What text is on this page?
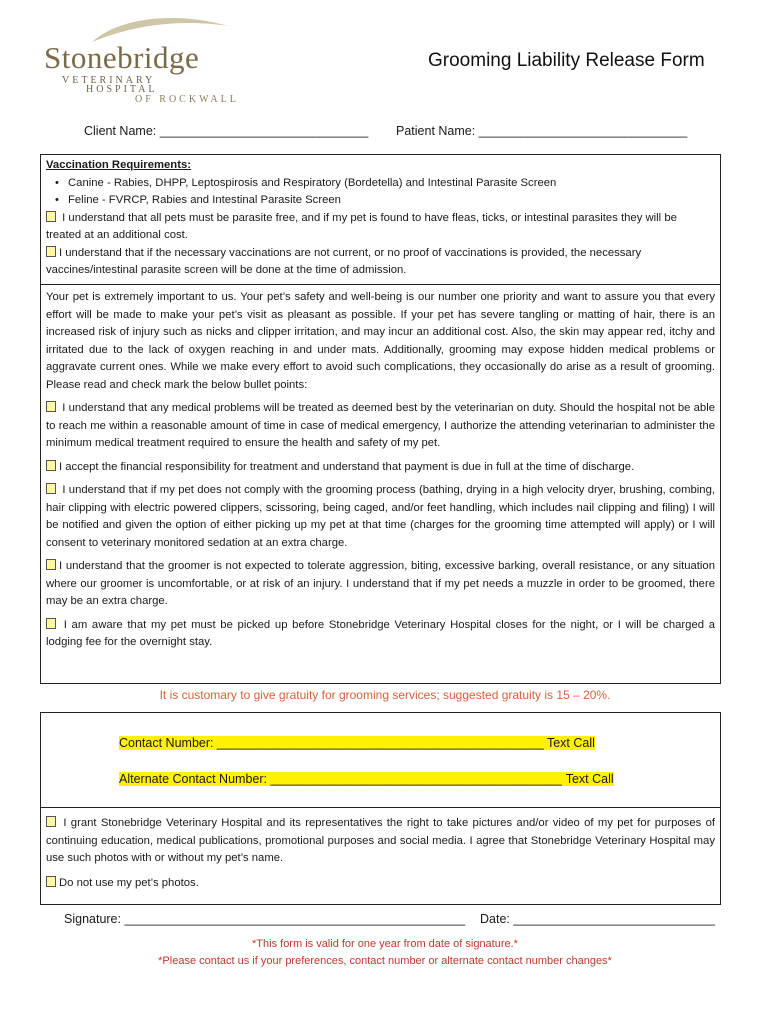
Stonebridge
VETERINARY
HOSPITAL
OF ROCKWALL
Grooming Liability Release Form
Client Name: ______________________________ Patient Name: ______________________________
Vaccination Requirements:
• Canine - Rabies, DHPP, Leptospirosis and Respiratory (Bordetella) and Intestinal Parasite Screen
• Feline - FVRCP, Rabies and Intestinal Parasite Screen
I understand that all pets must be parasite free, and if my pet is found to have fleas, ticks, or intestinal parasites they will be treated at an additional cost.
I understand that if the necessary vaccinations are not current, or no proof of vaccinations is provided, the necessary vaccines/intestinal parasite screen will be done at the time of admission.
Your pet is extremely important to us. Your pet’s safety and well-being is our number one priority and want to assure you that every effort will be made to make your pet’s visit as pleasant as possible. If your pet has severe tangling or matting of hair, there is an increased risk of injury such as nicks and clipper irritation, and may incur an additional cost. Also, the skin may appear red, itchy and irritated due to the lack of oxygen reaching in and under mats. Additionally, grooming may expose hidden medical problems or aggravate current ones. While we make every effort to avoid such complications, they occasionally do arise as a result of grooming. Please read and check mark the below bullet points:
I understand that any medical problems will be treated as deemed best by the veterinarian on duty. Should the hospital not be able to reach me within a reasonable amount of time in case of medical emergency, I authorize the attending veterinarian to administer the minimum medical treatment required to ensure the health and safety of my pet.
I accept the financial responsibility for treatment and understand that payment is due in full at the time of discharge.
I understand that if my pet does not comply with the grooming process (bathing, drying in a high velocity dryer, brushing, combing, hair clipping with electric powered clippers, scissoring, being caged, and/or feet handling, which includes nail clipping and filing) I will be notified and given the option of either picking up my pet at that time (charges for the grooming time attempted will apply) or I will consent to veterinary monitored sedation at an extra charge.
I understand that the groomer is not expected to tolerate aggression, biting, excessive barking, overall resistance, or any situation where our groomer is uncomfortable, or at risk of an injury. I understand that if my pet needs a muzzle in order to be groomed, there may be an extra charge.
I am aware that my pet must be picked up before Stonebridge Veterinary Hospital closes for the night, or I will be charged a lodging fee for the overnight stay.
It is customary to give gratuity for grooming services; suggested gratuity is 15 – 20%.
Contact Number: _______________________________________________ Text Call
Alternate Contact Number: __________________________________________ Text Call
I grant Stonebridge Veterinary Hospital and its representatives the right to take pictures and/or video of my pet for purposes of continuing education, medical publications, promotional purposes and social media. I agree that Stonebridge Veterinary Hospital may use such photos with or without my pet’s name.
Do not use my pet’s photos.
Signature: _________________________________________________ Date: _____________________________
*This form is valid for one year from date of signature.*
*Please contact us if your preferences, contact number or alternate contact number changes*
